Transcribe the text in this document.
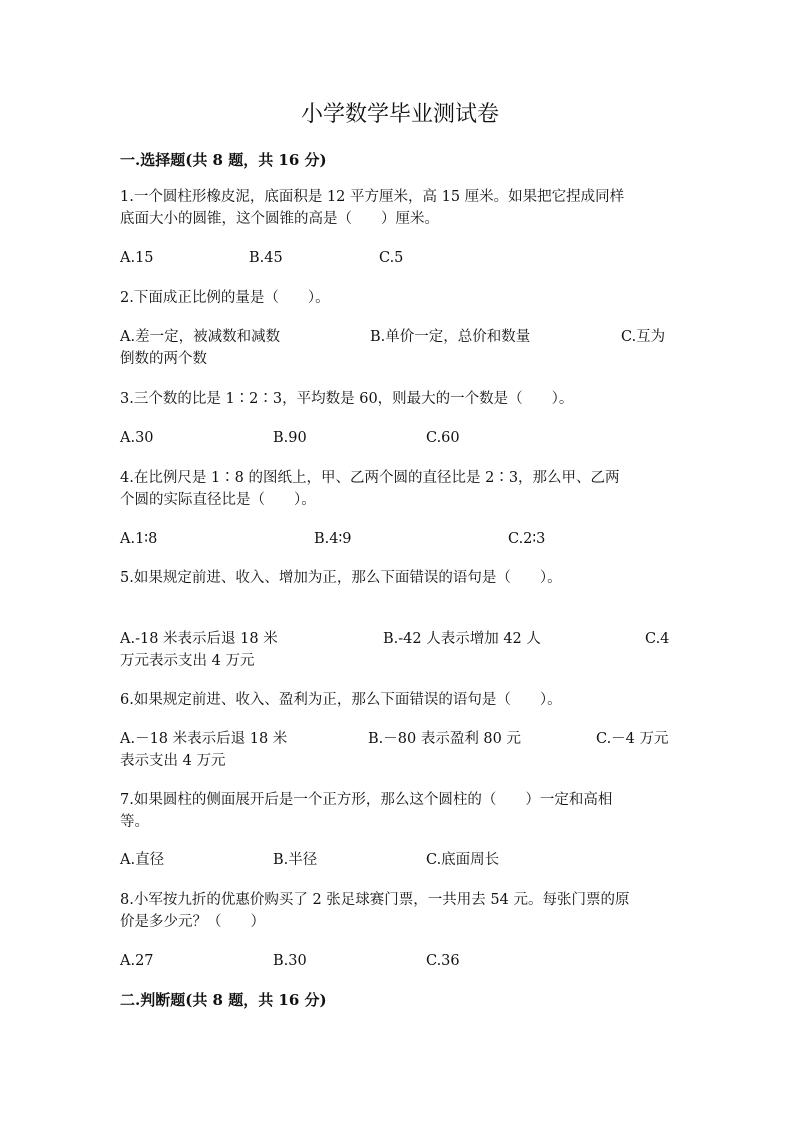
小学数学毕业测试卷
一.选择题(共 8 题，共 16 分)
1.一个圆柱形橡皮泥，底面积是 12 平方厘米，高 15 厘米。如果把它捏成同样
底面大小的圆锥，这个圆锥的高是（　　）厘米。
A.15	B.45	C.5
2.下面成正比例的量是（　　）。
A.差一定，被减数和减数	B.单价一定，总价和数量	C.互为
倒数的两个数
3.三个数的比是 1∶2∶3，平均数是 60，则最大的一个数是（　　）。
A.30	B.90	C.60
4.在比例尺是 1∶8 的图纸上，甲、乙两个圆的直径比是 2∶3，那么甲、乙两
个圆的实际直径比是（　　）。
A.1∶8	B.4∶9	C.2∶3
5.如果规定前进、收入、增加为正，那么下面错误的语句是（　　）。
A.-18 米表示后退 18 米	B.-42 人表示增加 42 人	C.4
万元表示支出 4 万元
6.如果规定前进、收入、盈利为正，那么下面错误的语句是（　　）。
A.－18 米表示后退 18 米	B.－80 表示盈利 80 元	C.－4 万元
表示支出 4 万元
7.如果圆柱的侧面展开后是一个正方形，那么这个圆柱的（　　）一定和高相
等。
A.直径	B.半径	C.底面周长
8.小军按九折的优惠价购买了 2 张足球赛门票，一共用去 54 元。每张门票的原
价是多少元？（　　）
A.27	B.30	C.36
二.判断题(共 8 题，共 16 分)
